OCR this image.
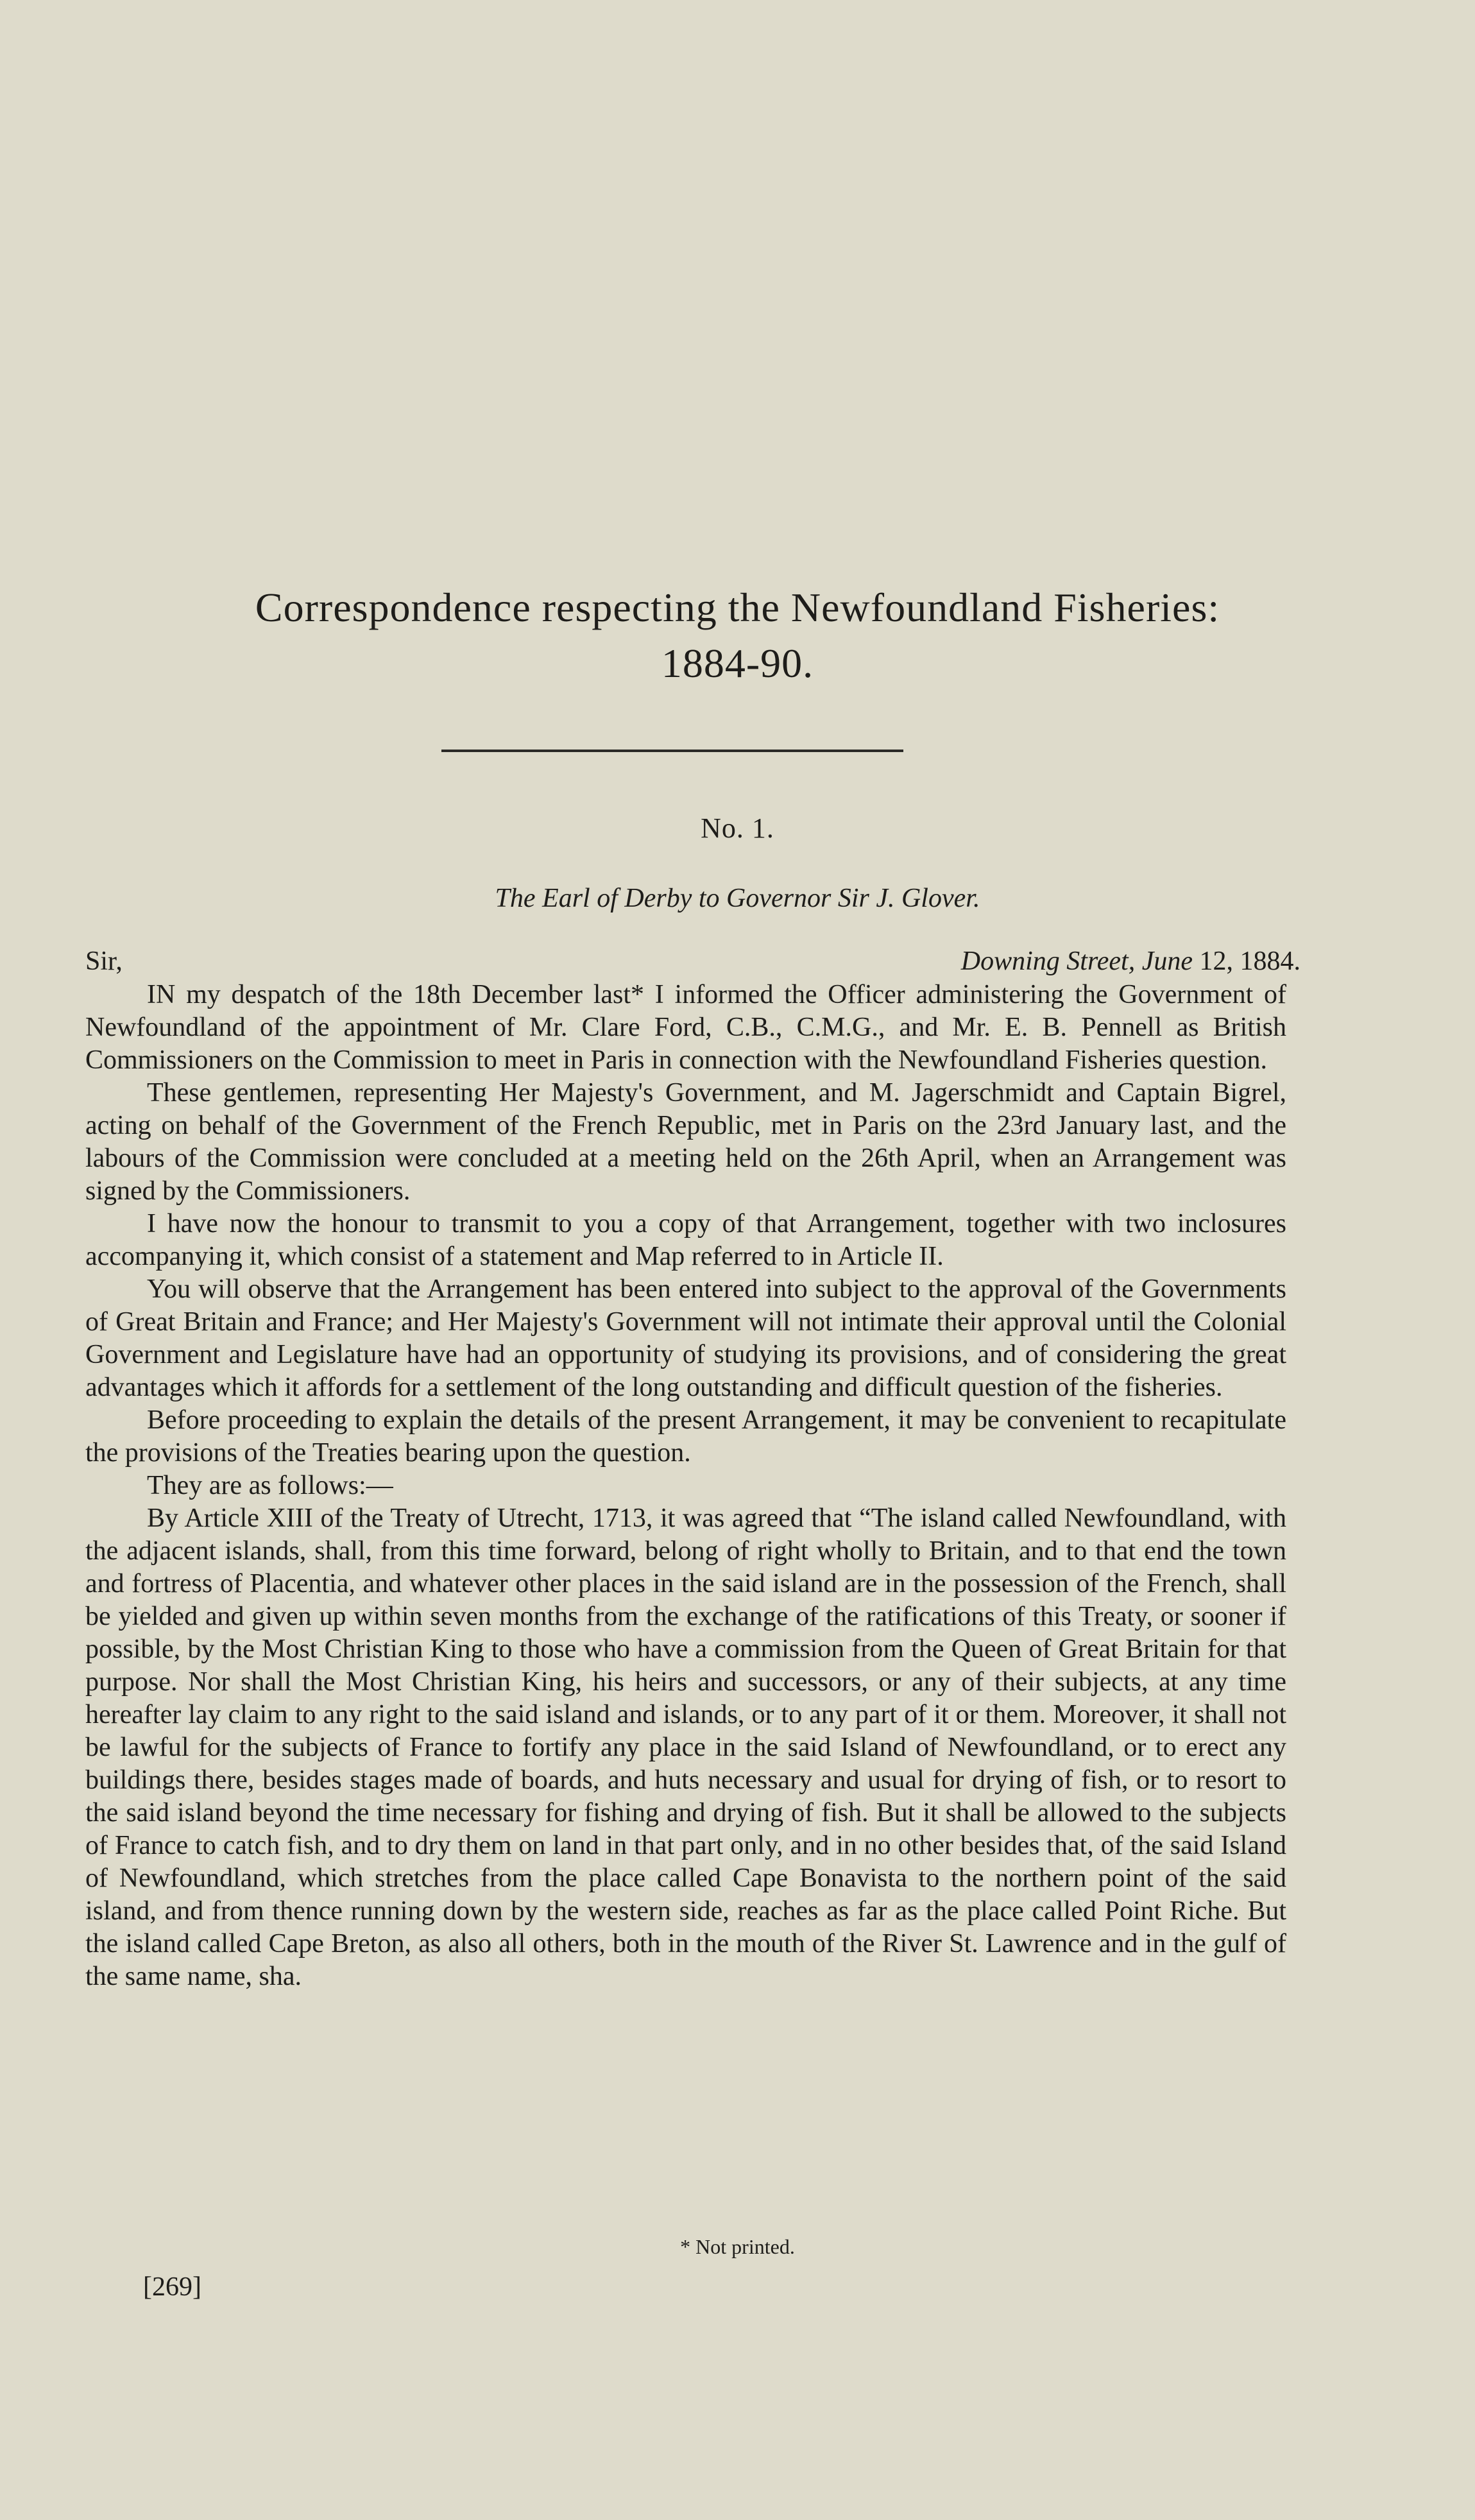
Correspondence respecting the Newfoundland Fisheries:
1884-90.
No. 1.
The Earl of Derby to Governor Sir J. Glover.
Sir,	Downing Street, June 12, 1884.

IN my despatch of the 18th December last* I informed the Officer administering the Government of Newfoundland of the appointment of Mr. Clare Ford, C.B., C.M.G., and Mr. E. B. Pennell as British Commissioners on the Commission to meet in Paris in connection with the Newfoundland Fisheries question.

These gentlemen, representing Her Majesty's Government, and M. Jagerschmidt and Captain Bigrel, acting on behalf of the Government of the French Republic, met in Paris on the 23rd January last, and the labours of the Commission were concluded at a meeting held on the 26th April, when an Arrangement was signed by the Commissioners.

I have now the honour to transmit to you a copy of that Arrangement, together with two inclosures accompanying it, which consist of a statement and Map referred to in Article II.

You will observe that the Arrangement has been entered into subject to the approval of the Governments of Great Britain and France; and Her Majesty's Government will not intimate their approval until the Colonial Government and Legislature have had an opportunity of studying its provisions, and of considering the great advantages which it affords for a settlement of the long outstanding and difficult question of the fisheries.

Before proceeding to explain the details of the present Arrangement, it may be convenient to recapitulate the provisions of the Treaties bearing upon the question.

They are as follows:—

By Article XIII of the Treaty of Utrecht, 1713, it was agreed that “The island called Newfoundland, with the adjacent islands, shall, from this time forward, belong of right wholly to Britain, and to that end the town and fortress of Placentia, and whatever other places in the said island are in the possession of the French, shall be yielded and given up within seven months from the exchange of the ratifications of this Treaty, or sooner if possible, by the Most Christian King to those who have a commission from the Queen of Great Britain for that purpose. Nor shall the Most Christian King, his heirs and successors, or any of their subjects, at any time hereafter lay claim to any right to the said island and islands, or to any part of it or them. Moreover, it shall not be lawful for the subjects of France to fortify any place in the said Island of Newfoundland, or to erect any buildings there, besides stages made of boards, and huts necessary and usual for drying of fish, or to resort to the said island beyond the time necessary for fishing and drying of fish. But it shall be allowed to the subjects of France to catch fish, and to dry them on land in that part only, and in no other besides that, of the said Island of Newfoundland, which stretches from the place called Cape Bonavista to the northern point of the said island, and from thence running down by the western side, reaches as far as the place called Point Riche. But the island called Cape Breton, as also all others, both in the mouth of the River St. Lawrence and in the gulf of the same name, sha.

* Not printed.
[269]
